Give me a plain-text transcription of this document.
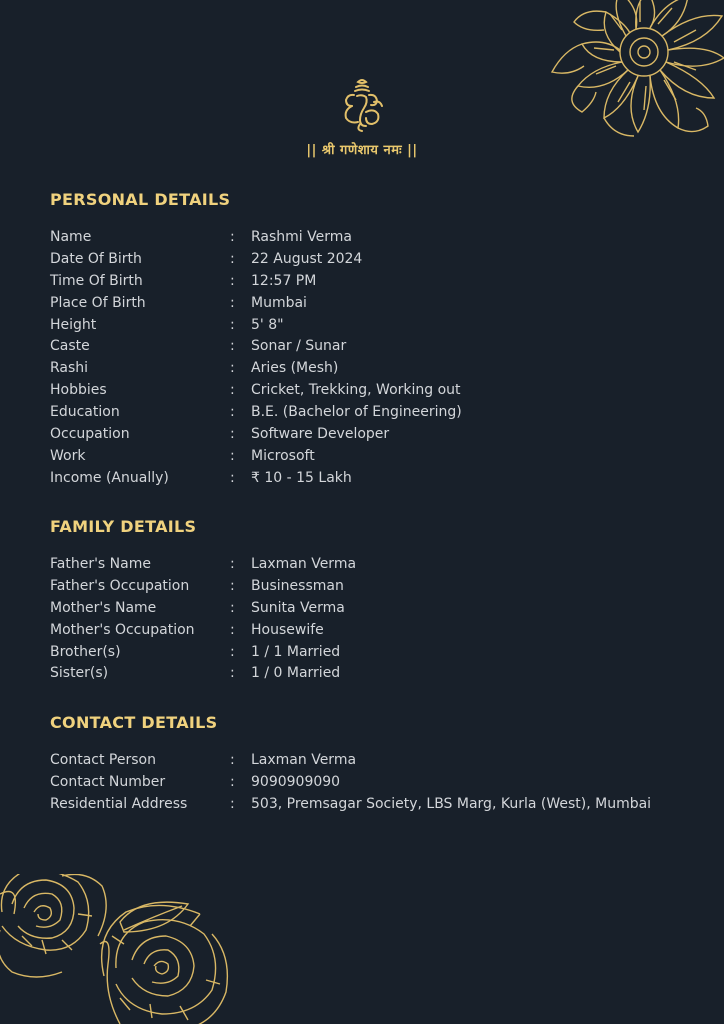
|| श्री गणेशाय नमः ||
PERSONAL DETAILS
Name	:	Rashmi Verma
Date Of Birth	:	22 August 2024
Time Of Birth	:	12:57 PM
Place Of Birth	:	Mumbai
Height	:	5' 8"
Caste	:	Sonar / Sunar
Rashi	:	Aries (Mesh)
Hobbies	:	Cricket, Trekking, Working out
Education	:	B.E. (Bachelor of Engineering)
Occupation	:	Software Developer
Work	:	Microsoft
Income (Anually)	:	₹ 10 - 15 Lakh
FAMILY DETAILS
Father's Name	:	Laxman Verma
Father's Occupation	:	Businessman
Mother's Name	:	Sunita Verma
Mother's Occupation	:	Housewife
Brother(s)	:	1 / 1 Married
Sister(s)	:	1 / 0 Married
CONTACT DETAILS
Contact Person	:	Laxman Verma
Contact Number	:	9090909090
Residential Address	:	503, Premsagar Society, LBS Marg, Kurla (West), Mumbai
